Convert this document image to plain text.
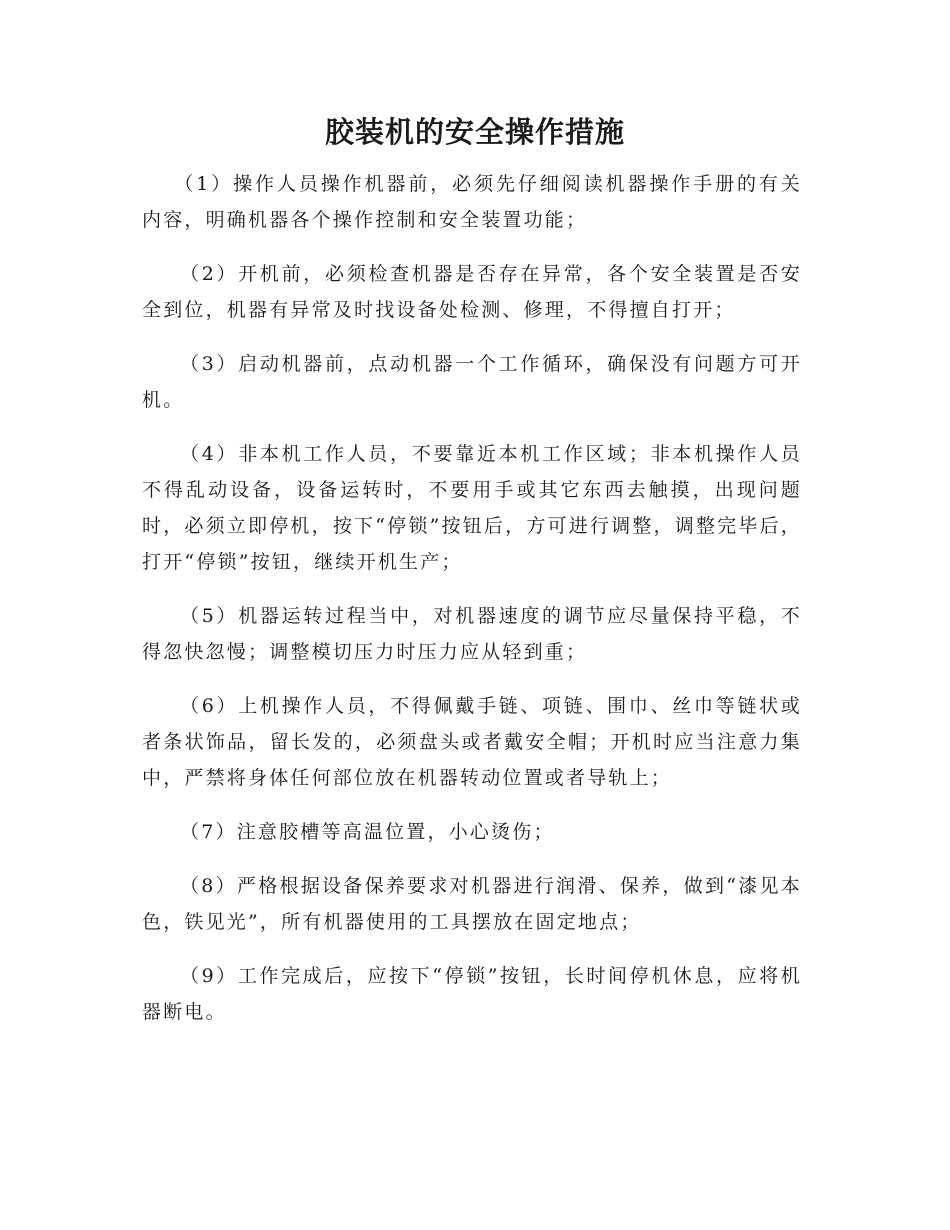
胶装机的安全操作措施

（1）操作人员操作机器前，必须先仔细阅读机器操作手册的有关内容，明确机器各个操作控制和安全装置功能；

（2）开机前，必须检查机器是否存在异常，各个安全装置是否安全到位，机器有异常及时找设备处检测、修理，不得擅自打开；

（3）启动机器前，点动机器一个工作循环，确保没有问题方可开机。

（4）非本机工作人员，不要靠近本机工作区域；非本机操作人员不得乱动设备，设备运转时，不要用手或其它东西去触摸，出现问题时，必须立即停机，按下“停锁”按钮后，方可进行调整，调整完毕后，打开“停锁”按钮，继续开机生产；

（5）机器运转过程当中，对机器速度的调节应尽量保持平稳，不得忽快忽慢；调整模切压力时压力应从轻到重；

（6）上机操作人员，不得佩戴手链、项链、围巾、丝巾等链状或者条状饰品，留长发的，必须盘头或者戴安全帽；开机时应当注意力集中，严禁将身体任何部位放在机器转动位置或者导轨上；

（7）注意胶槽等高温位置，小心烫伤；

（8）严格根据设备保养要求对机器进行润滑、保养，做到“漆见本色，铁见光”，所有机器使用的工具摆放在固定地点；

（9）工作完成后，应按下“停锁”按钮，长时间停机休息，应将机器断电。
